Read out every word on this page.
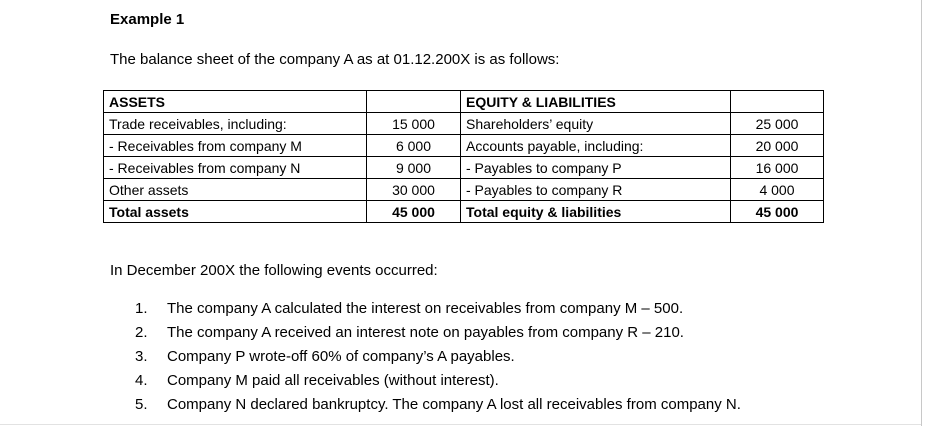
Example 1
The balance sheet of the company A as at 01.12.200X is as follows:
ASSETS		EQUITY & LIABILITIES	
Trade receivables, including:	15 000	Shareholders’ equity	25 000
- Receivables from company M	6 000	Accounts payable, including:	20 000
- Receivables from company N	9 000	- Payables to company P	16 000
Other assets	30 000	- Payables to company R	4 000
Total assets	45 000	Total equity & liabilities	45 000
In December 200X the following events occurred:
1.	The company A calculated the interest on receivables from company M – 500.
2.	The company A received an interest note on payables from company R – 210.
3.	Company P wrote-off 60% of company’s A payables.
4.	Company M paid all receivables (without interest).
5.	Company N declared bankruptcy. The company A lost all receivables from company N.
